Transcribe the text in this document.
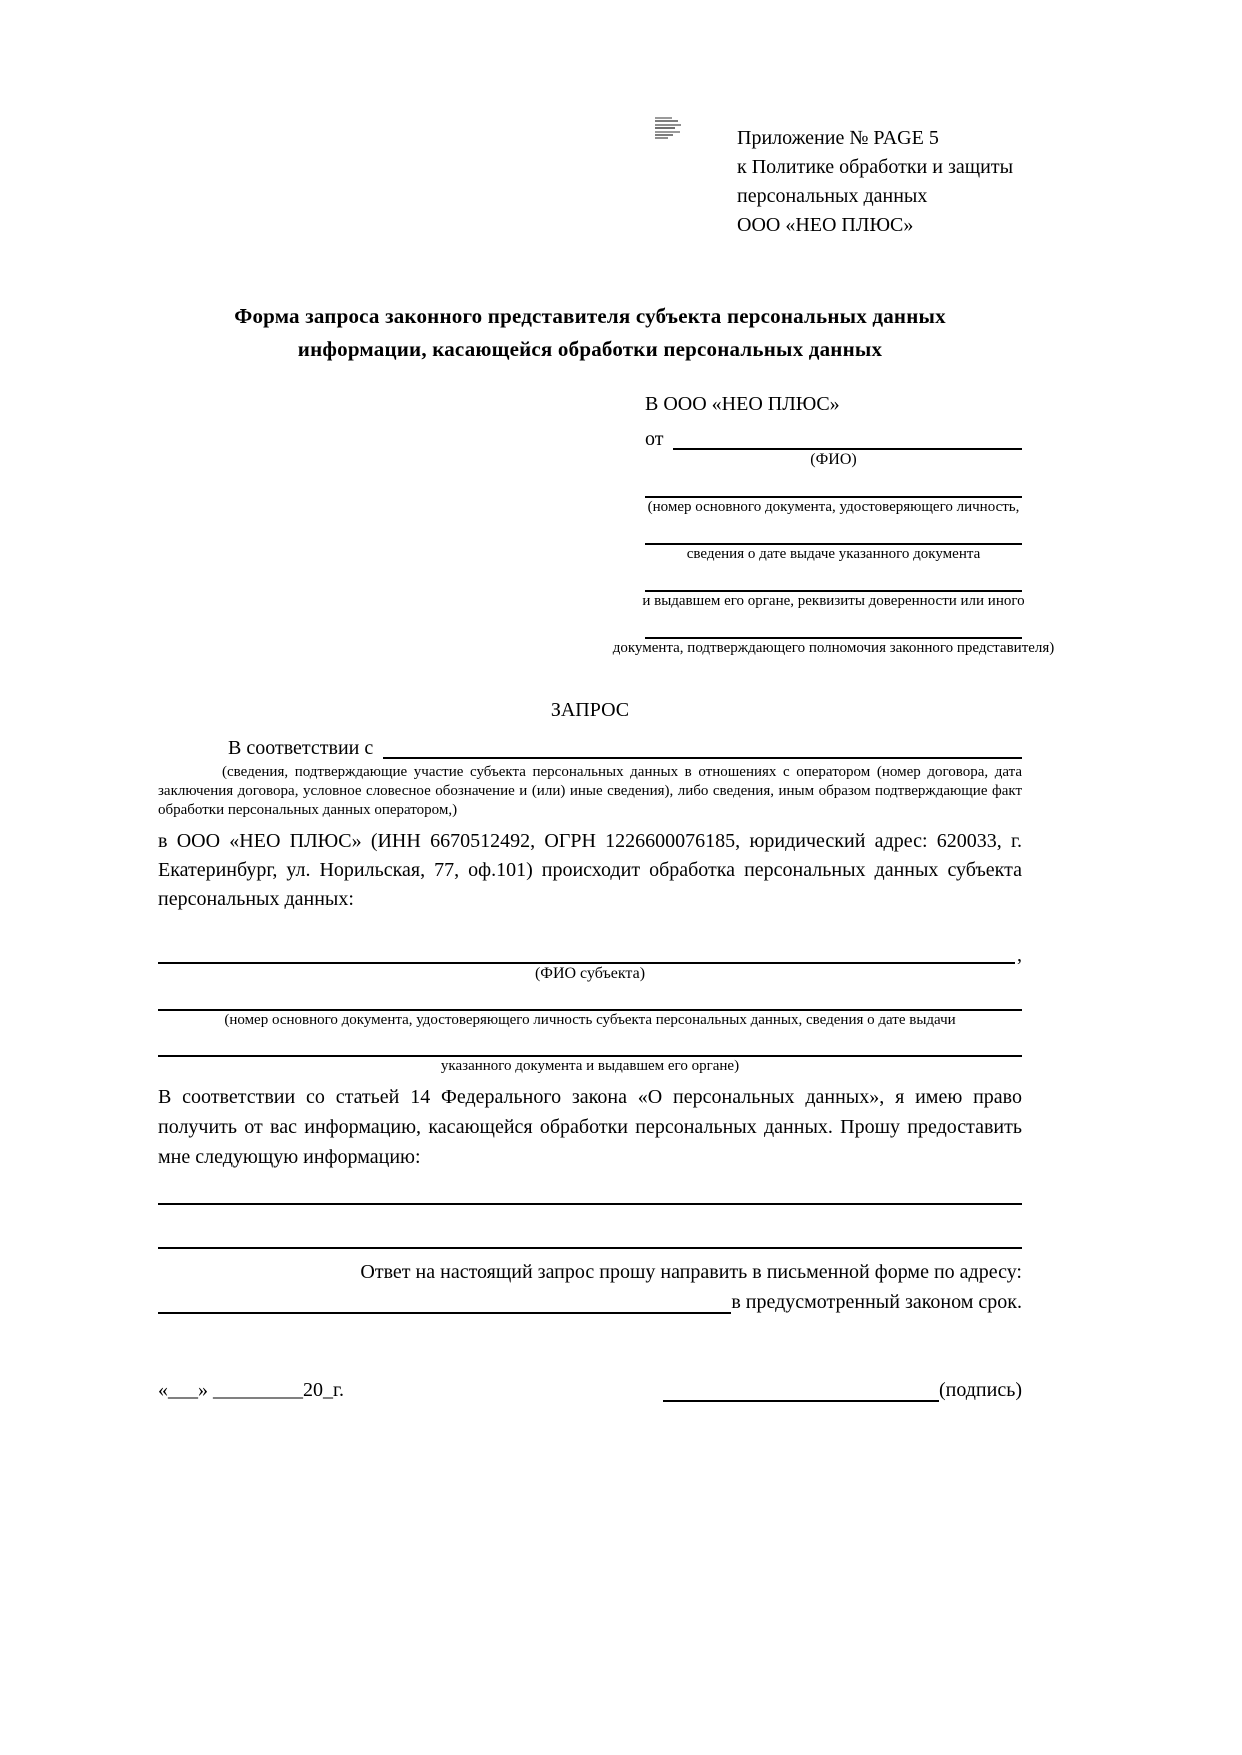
Приложение № PAGE 5
к Политике обработки и защиты
персональных данных
ООО «НЕО ПЛЮС»
Форма запроса законного представителя субъекта персональных данных
информации, касающейся обработки персональных данных
В ООО «НЕО ПЛЮС»
от
(ФИО)
(номер основного документа, удостоверяющего личность,
сведения о дате выдаче указанного документа
и выдавшем его органе, реквизиты доверенности или иного
документа, подтверждающего полномочия законного представителя)
ЗАПРОС
В соответствии с
(сведения, подтверждающие участие субъекта персональных данных в отношениях с оператором (номер договора, дата заключения договора, условное словесное обозначение и (или) иные сведения), либо сведения, иным образом подтверждающие факт обработки персональных данных оператором,)
в ООО «НЕО ПЛЮС» (ИНН 6670512492, ОГРН 1226600076185, юридический адрес: 620033, г. Екатеринбург, ул. Норильская, 77, оф.101) происходит обработка персональных данных субъекта персональных данных:
,
(ФИО субъекта)
(номер основного документа, удостоверяющего личность субъекта персональных данных, сведения о дате выдачи
указанного документа и выдавшем его органе)
В соответствии со статьей 14 Федерального закона «О персональных данных», я имею право получить от вас информацию, касающейся обработки персональных данных. Прошу предоставить мне следующую информацию:
Ответ на настоящий запрос прошу направить в письменной форме по адресу:
в предусмотренный законом срок.
«___» _________20_г.	(подпись)
